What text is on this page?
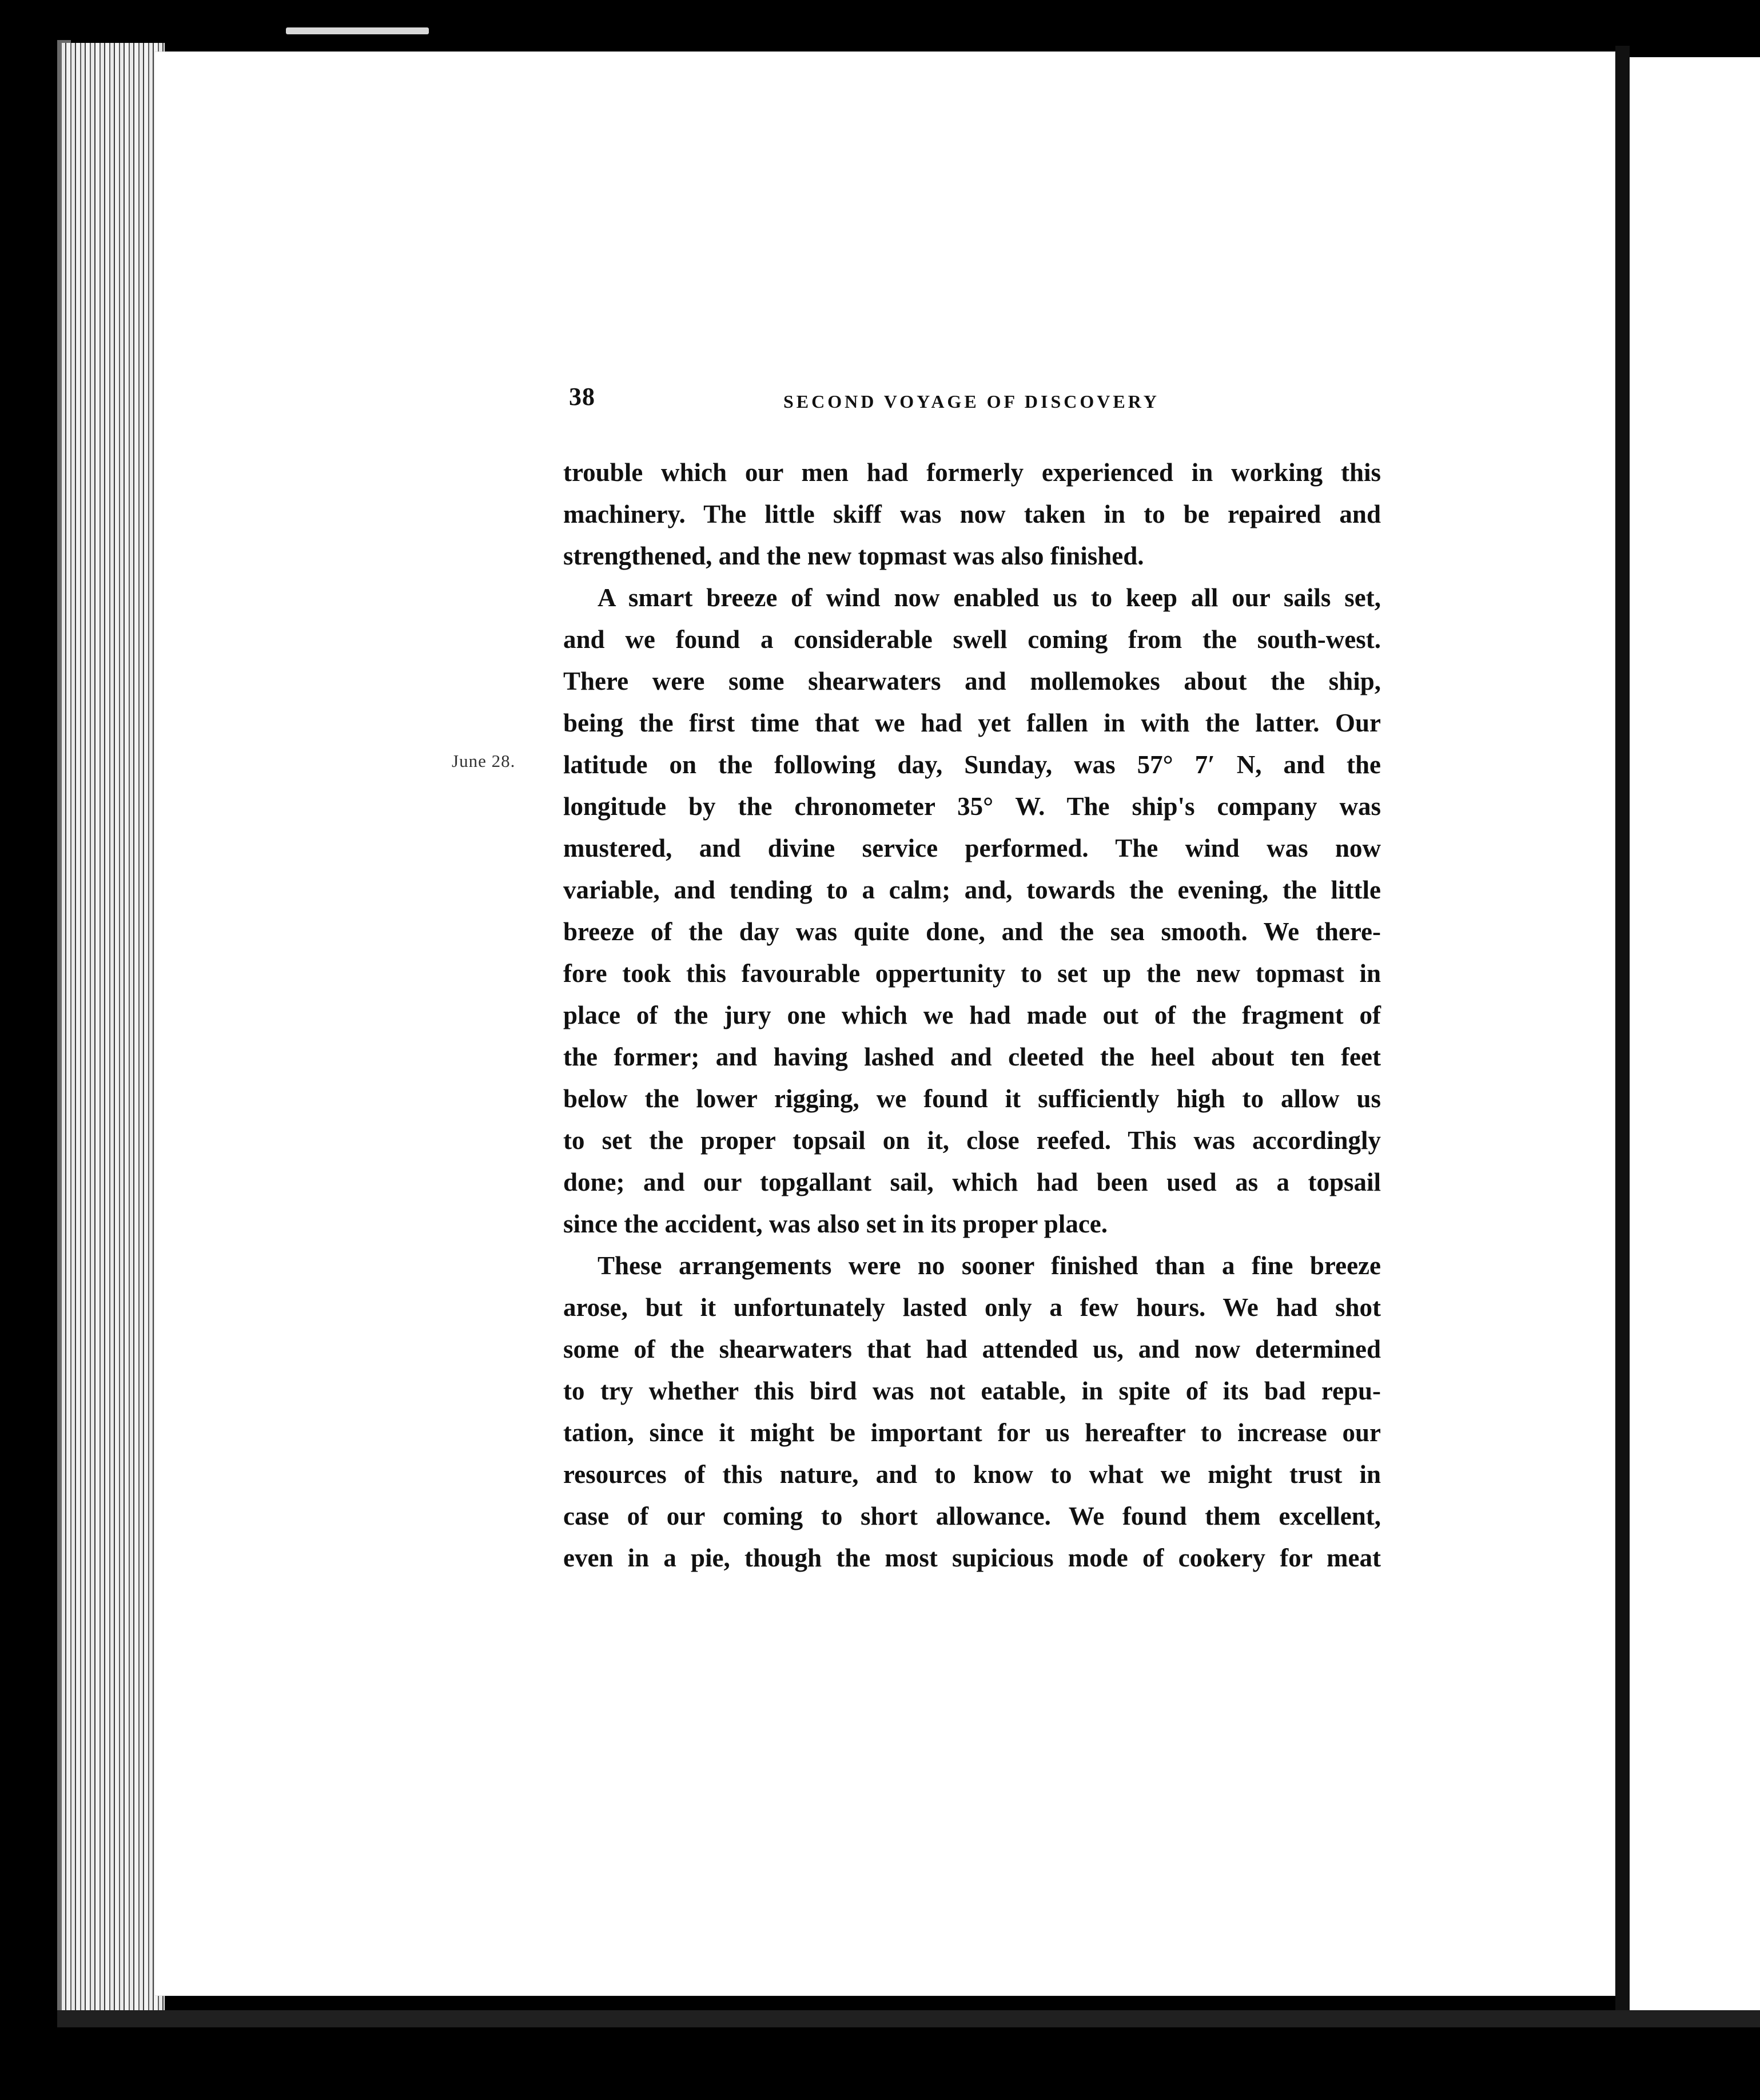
38	SECOND VOYAGE OF DISCOVERY
June 28.

trouble which our men had formerly experienced in working this

machinery. The little skiff was now taken in to be repaired and

strengthened, and the new topmast was also finished.

A smart breeze of wind now enabled us to keep all our sails set,

and we found a considerable swell coming from the south-west.

There were some shearwaters and mollemokes about the ship,

being the first time that we had yet fallen in with the latter. Our

latitude on the following day, Sunday, was 57° 7′ N, and the

longitude by the chronometer 35° W. The ship's company was

mustered, and divine service performed. The wind was now

variable, and tending to a calm; and, towards the evening, the little

breeze of the day was quite done, and the sea smooth. We there-

fore took this favourable oppertunity to set up the new topmast in

place of the jury one which we had made out of the fragment of

the former; and having lashed and cleeted the heel about ten feet

below the lower rigging, we found it sufficiently high to allow us

to set the proper topsail on it, close reefed. This was accordingly

done; and our topgallant sail, which had been used as a topsail

since the accident, was also set in its proper place.

These arrangements were no sooner finished than a fine breeze

arose, but it unfortunately lasted only a few hours. We had shot

some of the shearwaters that had attended us, and now determined

to try whether this bird was not eatable, in spite of its bad repu-

tation, since it might be important for us hereafter to increase our

resources of this nature, and to know to what we might trust in

case of our coming to short allowance. We found them excellent,

even in a pie, though the most supicious mode of cookery for meat
